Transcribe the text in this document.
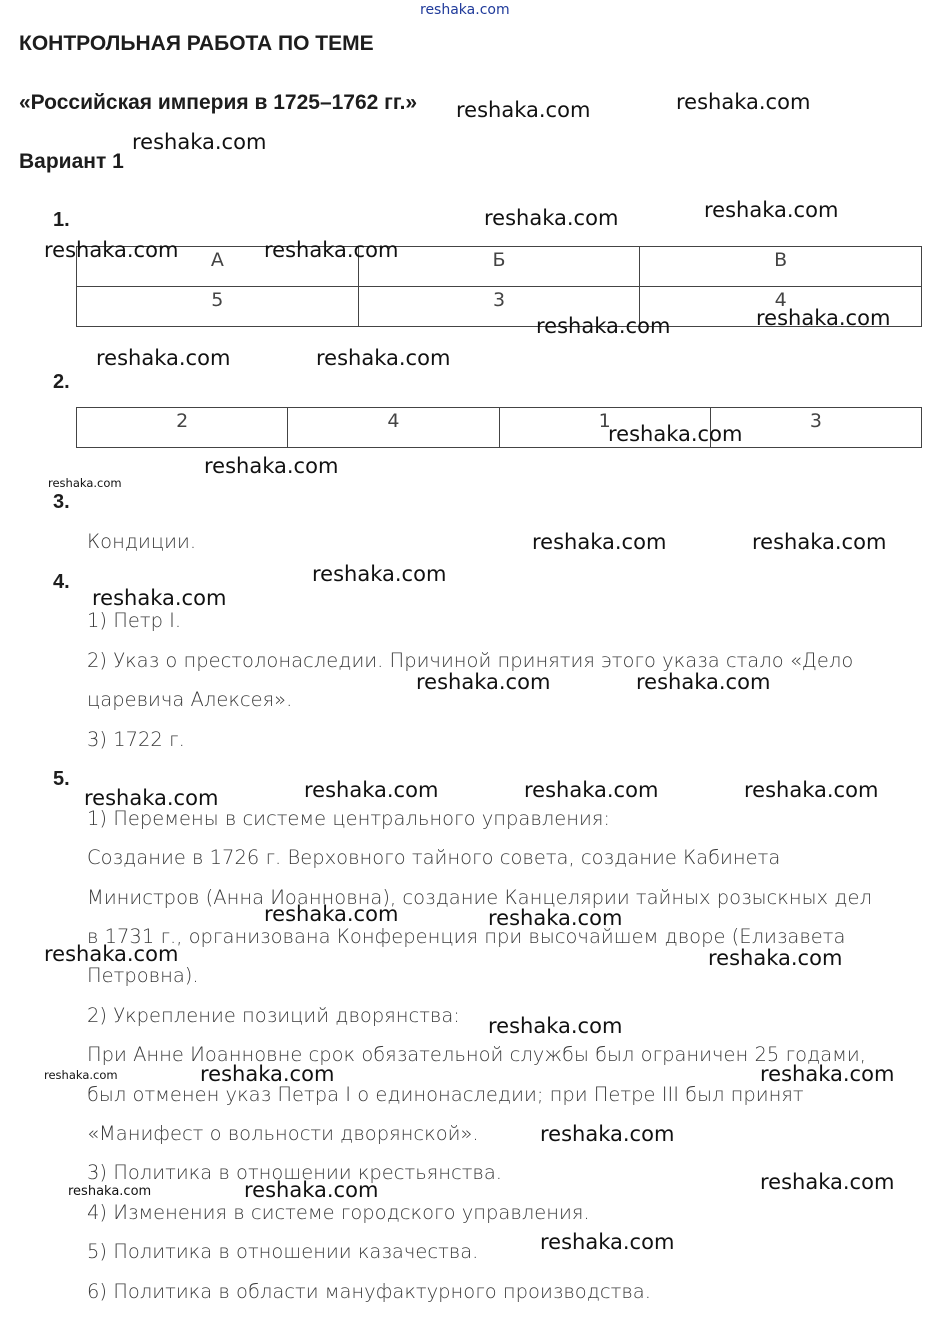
reshaka.com
КОНТРОЛЬНАЯ РАБОТА ПО ТЕМЕ
«Российская империя в 1725–1762 гг.»
Вариант 1
1.
А	Б	В
5	3	4
2.
2	4	1	3
3.
Кондиции.
4.
1) Петр I.
2) Указ о престолонаследии. Причиной принятия этого указа стало «Дело
царевича Алексея».
3) 1722 г.
5.
1) Перемены в системе центрального управления:
Создание в 1726 г. Верховного тайного совета, создание Кабинета
Министров (Анна Иоанновна), создание Канцелярии тайных розыскных дел
в 1731 г., организована Конференция при высочайшем дворе (Елизавета
Петровна).
2) Укрепление позиций дворянства:
При Анне Иоанновне срок обязательной службы был ограничен 25 годами,
был отменен указ Петра I о единонаследии; при Петре III был принят
«Манифест о вольности дворянской».
3) Политика в отношении крестьянства.
4) Изменения в системе городского управления.
5) Политика в отношении казачества.
6) Политика в области мануфактурного производства.
reshaka.com	reshaka.com
reshaka.com
reshaka.com	reshaka.com
reshaka.com	reshaka.com
reshaka.com	reshaka.com
reshaka.com	reshaka.com
reshaka.com
reshaka.com
reshaka.com
reshaka.com	reshaka.com
reshaka.com
reshaka.com
reshaka.com	reshaka.com
reshaka.com	reshaka.com	reshaka.com
reshaka.com
reshaka.com	reshaka.com
reshaka.com	reshaka.com
reshaka.com
reshaka.com	reshaka.com	reshaka.com
reshaka.com
reshaka.com
reshaka.com	reshaka.com
reshaka.com
